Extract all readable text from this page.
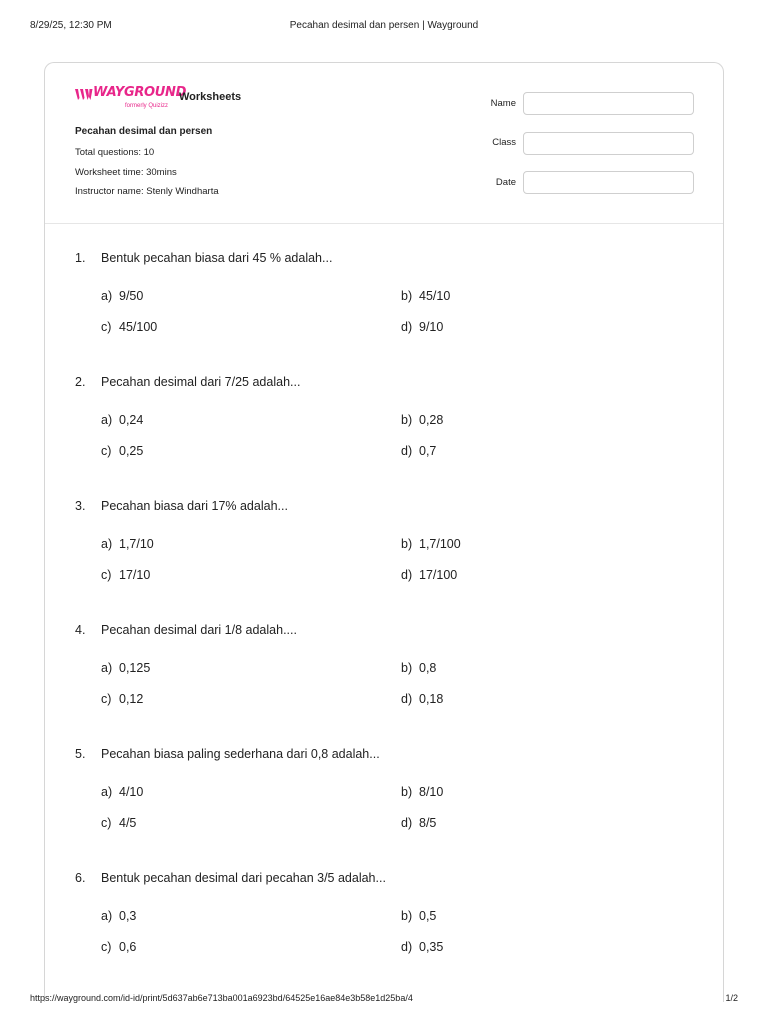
8/29/25, 12:30 PM	Pecahan desimal dan persen | Wayground
WAYGROUND
formerly Quizizz
Worksheets
Pecahan desimal dan persen
Total questions: 10
Worksheet time: 30mins
Instructor name: Stenly Windharta
Name
Class
Date
1. Bentuk pecahan biasa dari 45 % adalah...
a) 9/50	b) 45/10
c) 45/100	d) 9/10
2. Pecahan desimal dari 7/25 adalah...
a) 0,24	b) 0,28
c) 0,25	d) 0,7
3. Pecahan biasa dari 17% adalah...
a) 1,7/10	b) 1,7/100
c) 17/10	d) 17/100
4. Pecahan desimal dari 1/8 adalah....
a) 0,125	b) 0,8
c) 0,12	d) 0,18
5. Pecahan biasa paling sederhana dari 0,8 adalah...
a) 4/10	b) 8/10
c) 4/5	d) 8/5
6. Bentuk pecahan desimal dari pecahan 3/5 adalah...
a) 0,3	b) 0,5
c) 0,6	d) 0,35
https://wayground.com/id-id/print/5d637ab6e713ba001a6923bd/64525e16ae84e3b58e1d25ba/4	1/2
